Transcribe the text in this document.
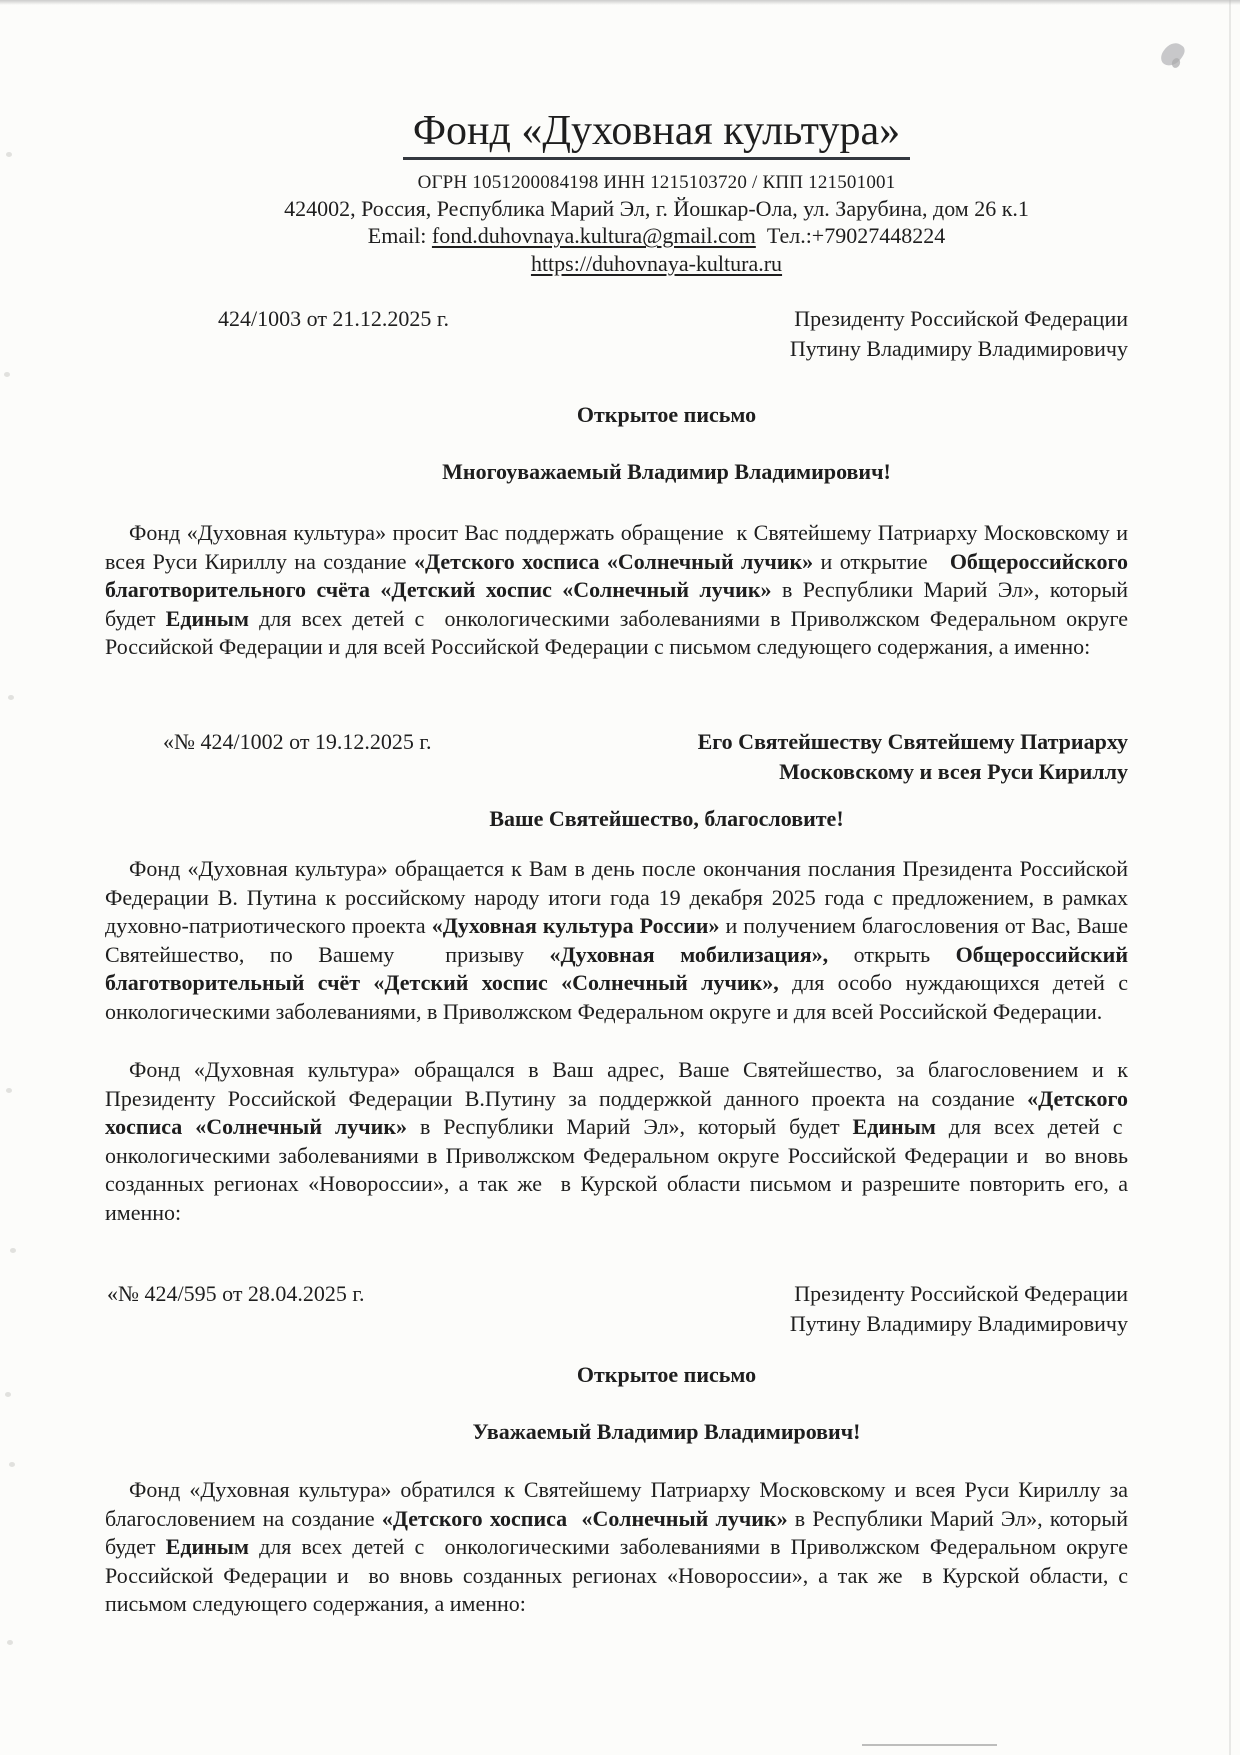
Фонд «Духовная культура»
ОГРН 1051200084198 ИНН 1215103720 / КПП 121501001
424002, Россия, Республика Марий Эл, г. Йошкар-Ола, ул. Зарубина, дом 26 к.1
Email: fond.duhovnaya.kultura@gmail.com Тел.:+79027448224
https://duhovnaya-kultura.ru
424/1003 от 21.12.2025 г.	Президенту Российской Федерации
Путину Владимиру Владимировичу
Открытое письмо
Многоуважаемый Владимир Владимирович!
Фонд «Духовная культура» просит Вас поддержать обращение  к Святейшему Патриарху Московскому и всея Руси Кириллу на создание «Детского хосписа «Солнечный лучик» и открытие   Общероссийского благотворительного счёта «Детский хоспис «Солнечный лучик» в Республики Марий Эл», который будет Единым для всех детей с  онкологическими заболеваниями в Приволжском Федеральном округе Российской Федерации и для всей Российской Федерации с письмом следующего содержания, а именно:
«№ 424/1002 от 19.12.2025 г.	Его Святейшеству Святейшему Патриарху
Московскому и всея Руси Кириллу
Ваше Святейшество, благословите!
Фонд «Духовная культура» обращается к Вам в день после окончания послания Президента Российской Федерации В. Путина к российскому народу итоги года 19 декабря 2025 года с предложением, в рамках духовно-патриотического проекта «Духовная культура России» и получением благословения от Вас, Ваше Святейшество, по Вашему  призыву «Духовная мобилизация», открыть Общероссийский благотворительный счёт «Детский хоспис «Солнечный лучик», для особо нуждающихся детей с онкологическими заболеваниями, в Приволжском Федеральном округе и для всей Российской Федерации.
Фонд «Духовная культура» обращался в Ваш адрес, Ваше Святейшество, за благословением и к Президенту Российской Федерации В.Путину за поддержкой данного проекта на создание «Детского хосписа «Солнечный лучик» в Республики Марий Эл», который будет Единым для всех детей с  онкологическими заболеваниями в Приволжском Федеральном округе Российской Федерации и  во вновь созданных регионах «Новороссии», а так же  в Курской области письмом и разрешите повторить его, а именно:
«№ 424/595 от 28.04.2025 г.	Президенту Российской Федерации
Путину Владимиру Владимировичу
Открытое письмо
Уважаемый Владимир Владимирович!
Фонд «Духовная культура» обратился к Святейшему Патриарху Московскому и всея Руси Кириллу за благословением на создание «Детского хосписа  «Солнечный лучик» в Республики Марий Эл», который будет Единым для всех детей с  онкологическими заболеваниями в Приволжском Федеральном округе Российской Федерации и  во вновь созданных регионах «Новороссии», а так же  в Курской области, с письмом следующего содержания, а именно:
